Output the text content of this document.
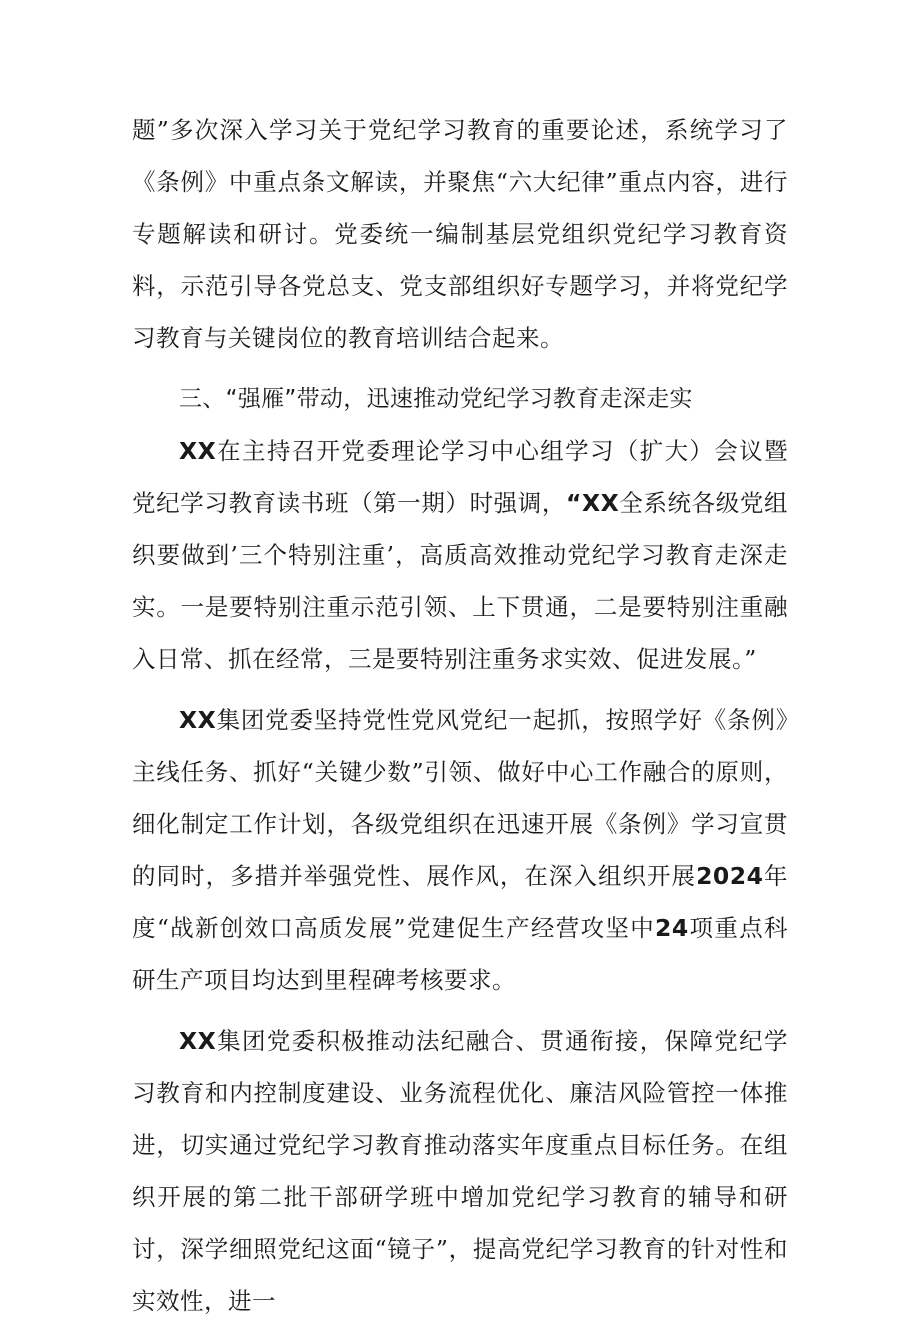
题”多次深入学习关于党纪学习教育的重要论述，系统学习了《条例》中重点条文解读，并聚焦“六大纪律”重点内容，进行专题解读和研讨。党委统一编制基层党组织党纪学习教育资料，示范引导各党总支、党支部组织好专题学习，并将党纪学习教育与关键岗位的教育培训结合起来。

三、“强雁”带动，迅速推动党纪学习教育走深走实

XX在主持召开党委理论学习中心组学习（扩大）会议暨党纪学习教育读书班（第一期）时强调，“XX全系统各级党组织要做到’三个特别注重’，高质高效推动党纪学习教育走深走实。一是要特别注重示范引领、上下贯通，二是要特别注重融入日常、抓在经常，三是要特别注重务求实效、促进发展。”

XX集团党委坚持党性党风党纪一起抓，按照学好《条例》主线任务、抓好“关键少数”引领、做好中心工作融合的原则，细化制定工作计划，各级党组织在迅速开展《条例》学习宣贯的同时，多措并举强党性、展作风，在深入组织开展2024年度“战新创效口高质发展”党建促生产经营攻坚中24项重点科研生产项目均达到里程碑考核要求。

XX集团党委积极推动法纪融合、贯通衔接，保障党纪学习教育和内控制度建设、业务流程优化、廉洁风险管控一体推进，切实通过党纪学习教育推动落实年度重点目标任务。在组织开展的第二批干部研学班中增加党纪学习教育的辅导和研讨，深学细照党纪这面“镜子”，提高党纪学习教育的针对性和实效性，进一
